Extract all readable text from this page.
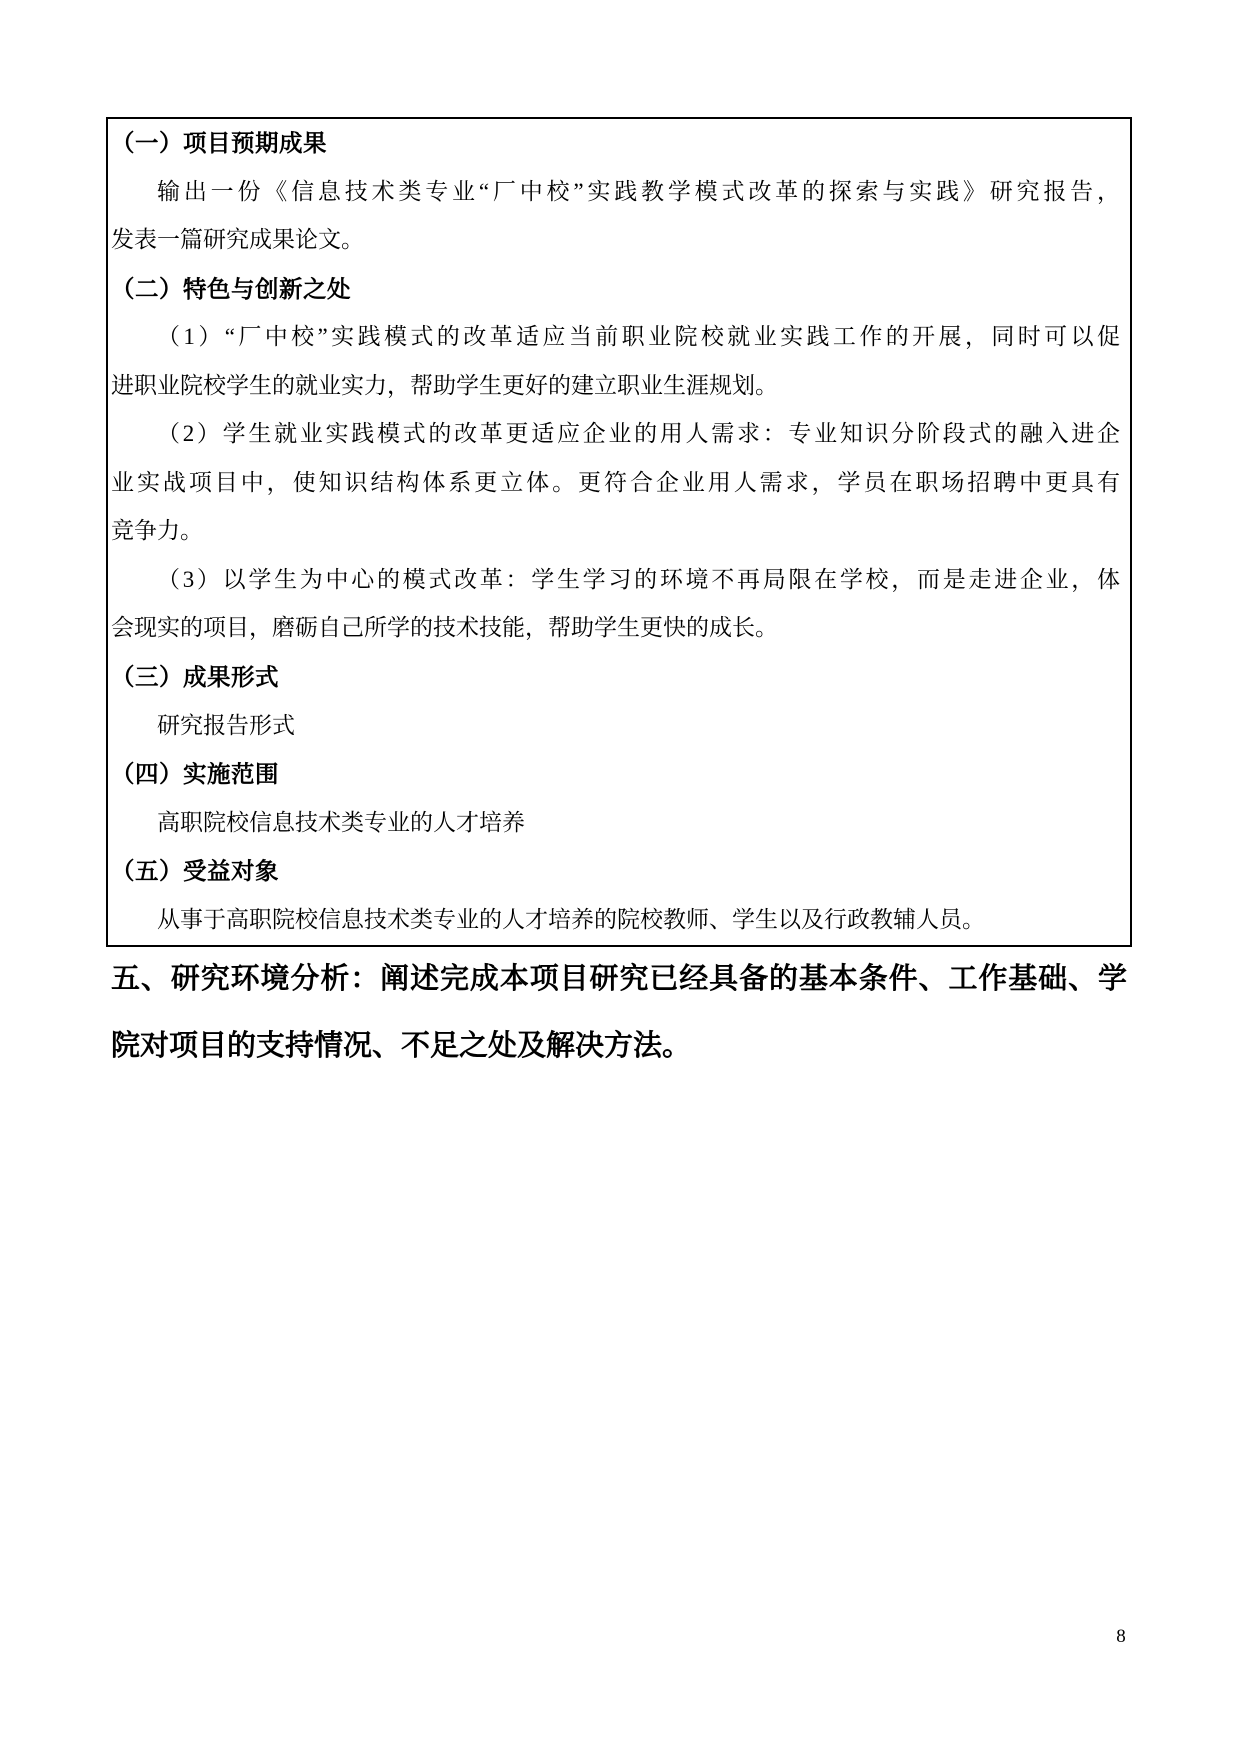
（一）项目预期成果
输出一份《信息技术类专业“厂中校”实践教学模式改革的探索与实践》研究报告，
发表一篇研究成果论文。
（二）特色与创新之处
（1）“厂中校”实践模式的改革适应当前职业院校就业实践工作的开展，同时可以促
进职业院校学生的就业实力，帮助学生更好的建立职业生涯规划。
（2）学生就业实践模式的改革更适应企业的用人需求：专业知识分阶段式的融入进企
业实战项目中，使知识结构体系更立体。更符合企业用人需求，学员在职场招聘中更具有
竞争力。
（3）以学生为中心的模式改革：学生学习的环境不再局限在学校，而是走进企业，体
会现实的项目，磨砺自己所学的技术技能，帮助学生更快的成长。
（三）成果形式
研究报告形式
（四）实施范围
高职院校信息技术类专业的人才培养
（五）受益对象
从事于高职院校信息技术类专业的人才培养的院校教师、学生以及行政教辅人员。
五、研究环境分析：阐述完成本项目研究已经具备的基本条件、工作基础、学
院对项目的支持情况、不足之处及解决方法。
8
